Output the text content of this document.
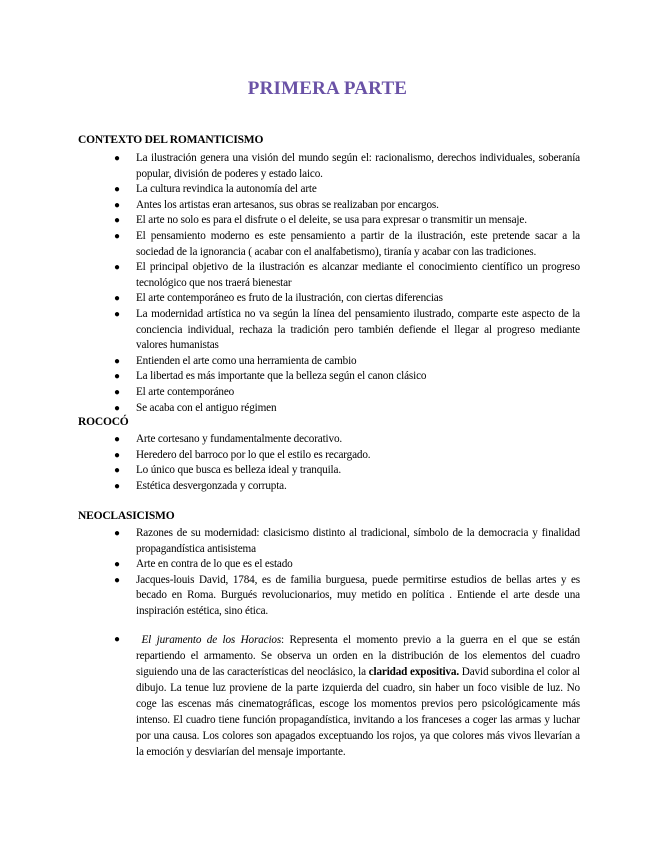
PRIMERA PARTE
CONTEXTO DEL ROMANTICISMO
● La ilustración genera una visión del mundo según el: racionalismo, derechos individuales, soberanía popular, división de poderes y estado laico.
● La cultura revindica la autonomía del arte
● Antes los artistas eran artesanos, sus obras se realizaban por encargos.
● El arte no solo es para el disfrute o el deleite, se usa para expresar o transmitir un mensaje.
● El pensamiento moderno es este pensamiento a partir de la ilustración, este pretende sacar a la sociedad de la ignorancia ( acabar con el analfabetismo), tiranía y acabar con las tradiciones.
● El principal objetivo de la ilustración es alcanzar mediante el conocimiento científico un progreso tecnológico que nos traerá bienestar
● El arte contemporáneo es fruto de la ilustración, con ciertas diferencias
● La modernidad artística no va según la línea del pensamiento ilustrado, comparte este aspecto de la conciencia individual, rechaza la tradición pero también defiende el llegar al progreso mediante valores humanistas
● Entienden el arte como una herramienta de cambio
● La libertad es más importante que la belleza según el canon clásico
● El arte contemporáneo
● Se acaba con el antiguo régimen
ROCOCÓ
● Arte cortesano y fundamentalmente decorativo.
● Heredero del barroco por lo que el estilo es recargado.
● Lo único que busca es belleza ideal y tranquila.
● Estética desvergonzada y corrupta.
NEOCLASICISMO
● Razones de su modernidad: clasicismo distinto al tradicional, símbolo de la democracia y finalidad propagandística antisistema
● Arte en contra de lo que es el estado
● Jacques-louis David, 1784, es de familia burguesa, puede permitirse estudios de bellas artes y es becado en Roma. Burgués revolucionarios, muy metido en política . Entiende el arte desde una inspiración estética, sino ética.
● El juramento de los Horacios: Representa el momento previo a la guerra en el que se están repartiendo el armamento. Se observa un orden en la distribución de los elementos del cuadro siguiendo una de las características del neoclásico, la claridad expositiva. David subordina el color al dibujo. La tenue luz proviene de la parte izquierda del cuadro, sin haber un foco visible de luz. No coge las escenas más cinematográficas, escoge los momentos previos pero psicológicamente más intenso. El cuadro tiene función propagandística, invitando a los franceses a coger las armas y luchar por una causa. Los colores son apagados exceptuando los rojos, ya que colores más vivos llevarían a la emoción y desviarían del mensaje importante.
